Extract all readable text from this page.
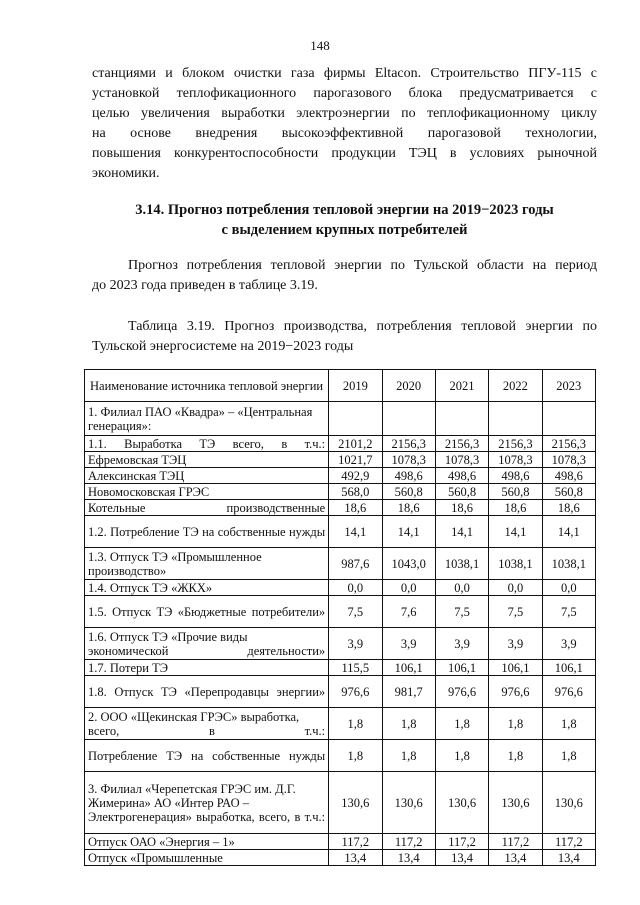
148

станциями и блоком очистки газа фирмы Eltacon. Строительство ПГУ-115 с
установкой теплофикационного парогазового блока предусматривается с
целью увеличения выработки электроэнергии по теплофикационному циклу
на основе внедрения высокоэффективной парогазовой технологии,
повышения конкурентоспособности продукции ТЭЦ в условиях рыночной
экономики.

3.14. Прогноз потребления тепловой энергии на 2019−2023 годы
с выделением крупных потребителей

Прогноз потребления тепловой энергии по Тульской области на период
до 2023 года приведен в таблице 3.19.

Таблица 3.19. Прогноз производства, потребления тепловой энергии по
Тульской энергосистеме на 2019−2023 годы

Наименование источника тепловой энергии	2019	2020	2021	2022	2023
1. Филиал ПАО «Квадра» – «Центральная генерация»:					
1.1. Выработка ТЭ всего, в т.ч.:	2101,2	2156,3	2156,3	2156,3	2156,3
Ефремовская ТЭЦ	1021,7	1078,3	1078,3	1078,3	1078,3
Алексинская ТЭЦ	492,9	498,6	498,6	498,6	498,6
Новомосковская ГРЭС	568,0	560,8	560,8	560,8	560,8
Котельные производственные	18,6	18,6	18,6	18,6	18,6
1.2. Потребление ТЭ на собственные нужды	14,1	14,1	14,1	14,1	14,1
1.3. Отпуск ТЭ «Промышленное производство»	987,6	1043,0	1038,1	1038,1	1038,1
1.4. Отпуск ТЭ «ЖКХ»	0,0	0,0	0,0	0,0	0,0
1.5. Отпуск ТЭ «Бюджетные потребители»	7,5	7,6	7,5	7,5	7,5
1.6. Отпуск ТЭ «Прочие виды экономической деятельности»	3,9	3,9	3,9	3,9	3,9
1.7. Потери ТЭ	115,5	106,1	106,1	106,1	106,1
1.8. Отпуск ТЭ «Перепродавцы энергии»	976,6	981,7	976,6	976,6	976,6
2. ООО «Щекинская ГРЭС» выработка, всего, в т.ч.:	1,8	1,8	1,8	1,8	1,8
Потребление ТЭ на собственные нужды	1,8	1,8	1,8	1,8	1,8
3. Филиал «Черепетская ГРЭС им. Д.Г. Жимерина» АО «Интер РАО – Электрогенерация» выработка, всего, в т.ч.:	130,6	130,6	130,6	130,6	130,6
Отпуск ОАО «Энергия – 1»	117,2	117,2	117,2	117,2	117,2
Отпуск «Промышленные	13,4	13,4	13,4	13,4	13,4
